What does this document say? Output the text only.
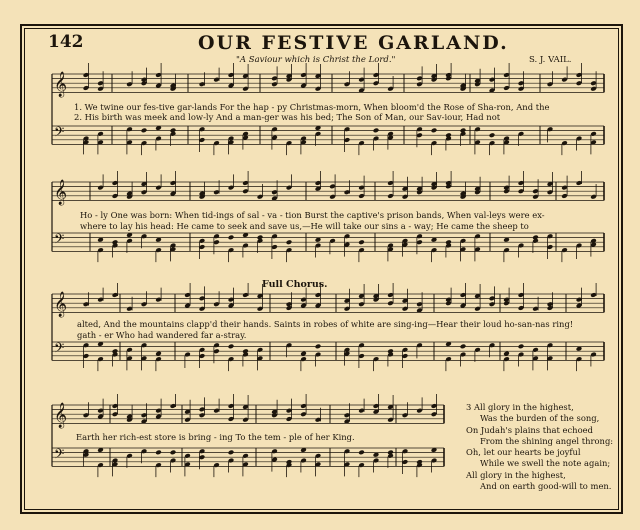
142	OUR FESTIVE GARLAND.
"A Saviour which is Christ the Lord."	S. J. VAIL.
𝄞
𝄢
𝄞
𝄢
𝄞
𝄢
𝄞
𝄢
1. We twine our fes-tive gar-lands For the hap - py Christmas-morn, When bloom'd the Rose of Sha-ron, And the
2. His birth was meek and low-ly And a man-ger was his bed; The Son of Man, our Sav-iour, Had not
Ho - ly One was born: When tid-ings of sal - va - tion Burst the captive's prison bands, When val-leys were ex-
where to lay his head: He came to seek and save us,—He will take our sins a - way; He came the sheep to
Full Chorus.
alted, And the mountains clapp'd their hands. Saints in robes of white are sing-ing—Hear their loud ho-san-nas ring!
gath - er Who had wandered far a-stray.
Earth her rich-est store is bring - ing To the tem - ple of her King.
3 All glory in the highest,
Was the burden of the song,
On Judah's plains that echoed
From the shining angel throng:
Oh, let our hearts be joyful
While we swell the note again;
All glory in the highest,
And on earth good-will to men.
